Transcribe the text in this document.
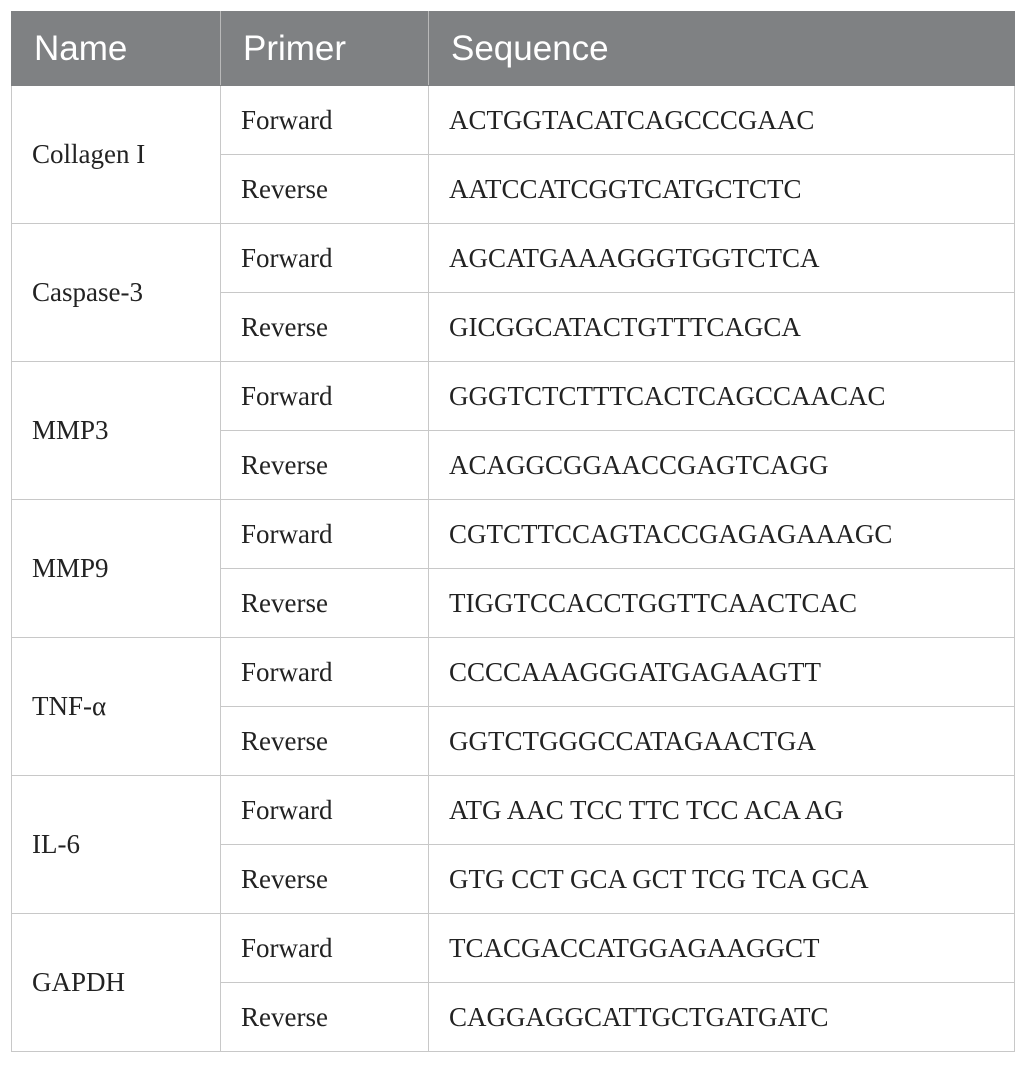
Name	Primer	Sequence
Collagen I	Forward	ACTGGTACATCAGCCCGAAC
	Reverse	AATCCATCGGTCATGCTCTC
Caspase-3	Forward	AGCATGAAAGGGTGGTCTCA
	Reverse	GICGGCATACTGTTTCAGCA
MMP3	Forward	GGGTCTCTTTCACTCAGCCAACAC
	Reverse	ACAGGCGGAACCGAGTCAGG
MMP9	Forward	CGTCTTCCAGTACCGAGAGAAAGC
	Reverse	TIGGTCCACCTGGTTCAACTCAC
TNF-α	Forward	CCCCAAAGGGATGAGAAGTT
	Reverse	GGTCTGGGCCATAGAACTGA
IL-6	Forward	ATG AAC TCC TTC TCC ACA AG
	Reverse	GTG CCT GCA GCT TCG TCA GCA
GAPDH	Forward	TCACGACCATGGAGAAGGCT
	Reverse	CAGGAGGCATTGCTGATGATC
